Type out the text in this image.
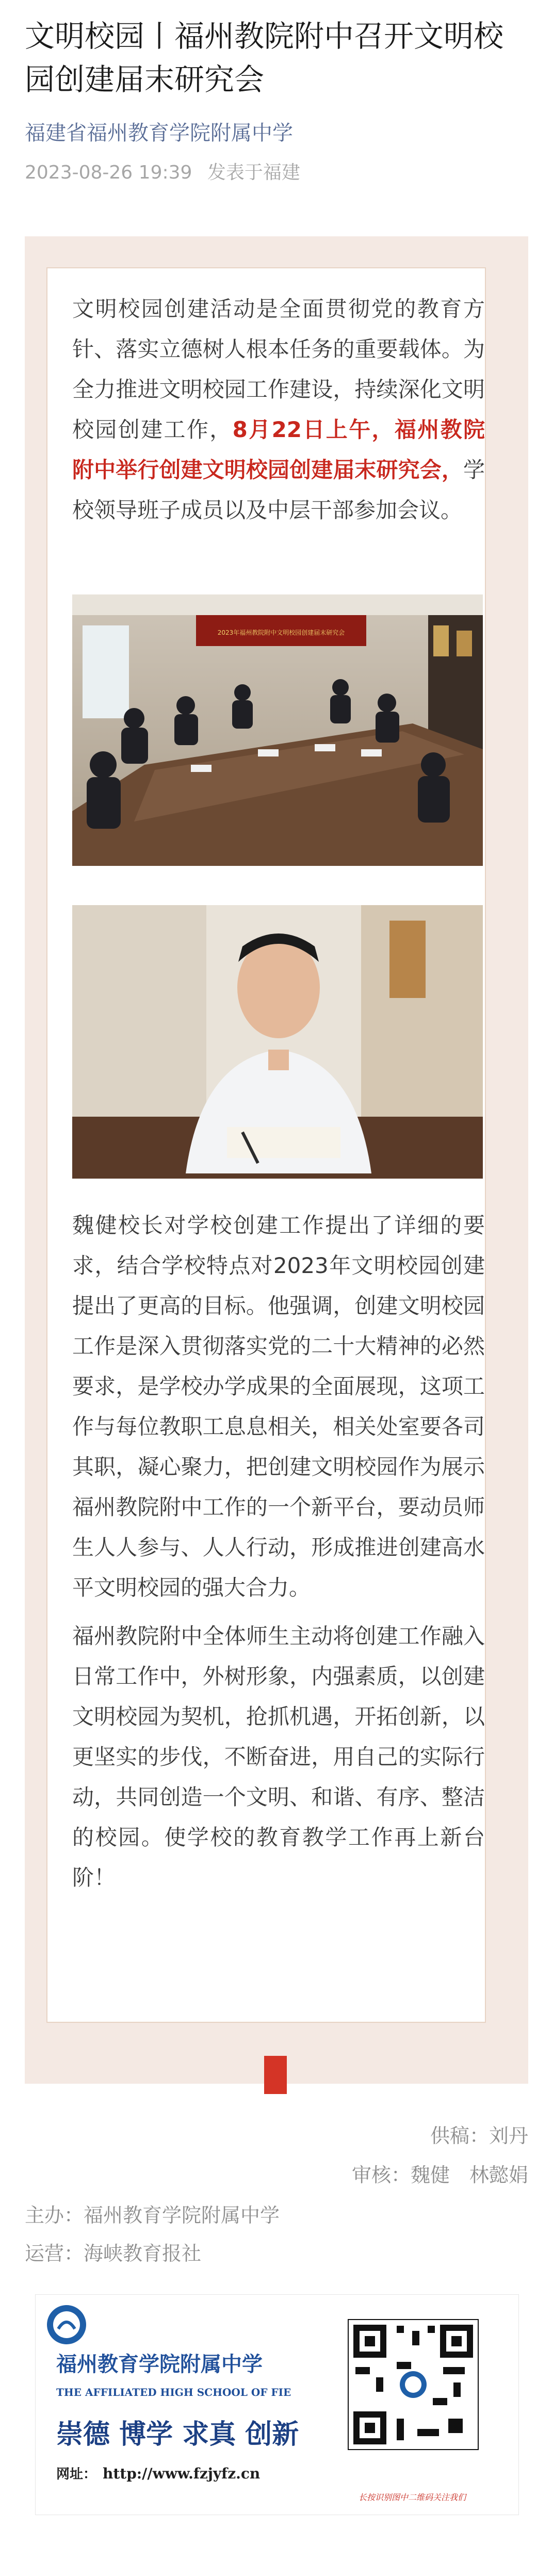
文明校园丨福州教院附中召开文明校园创建届末研究会
福建省福州教育学院附属中学
2023-08-26 19:39 发表于福建

文明校园创建活动是全面贯彻党的教育方针、落实立德树人根本任务的重要载体。为全力推进文明校园工作建设，持续深化文明校园创建工作，8月22日上午，福州教院附中举行创建文明校园创建届末研究会，学校领导班子成员以及中层干部参加会议。

2023年福州教院附中文明校园创建届末研究会

魏健校长对学校创建工作提出了详细的要求，结合学校特点对2023年文明校园创建提出了更高的目标。他强调，创建文明校园工作是深入贯彻落实党的二十大精神的必然要求，是学校办学成果的全面展现，这项工作与每位教职工息息相关，相关处室要各司其职，凝心聚力，把创建文明校园作为展示福州教院附中工作的一个新平台，要动员师生人人参与、人人行动，形成推进创建高水平文明校园的强大合力。

福州教院附中全体师生主动将创建工作融入日常工作中，外树形象，内强素质，以创建文明校园为契机，抢抓机遇，开拓创新，以更坚实的步伐，不断奋进，用自己的实际行动，共同创造一个文明、和谐、有序、整洁的校园。使学校的教育教学工作再上新台阶！

供稿：刘丹
审核：魏健　林懿娟
主办：福州教育学院附属中学
运营：海峡教育报社
福州教育学院附属中学
THE AFFILIATED HIGH SCHOOL OF FIE
崇德 博学 求真 创新
网址： http://www.fzjyfz.cn
长按识别图中二维码关注我们
